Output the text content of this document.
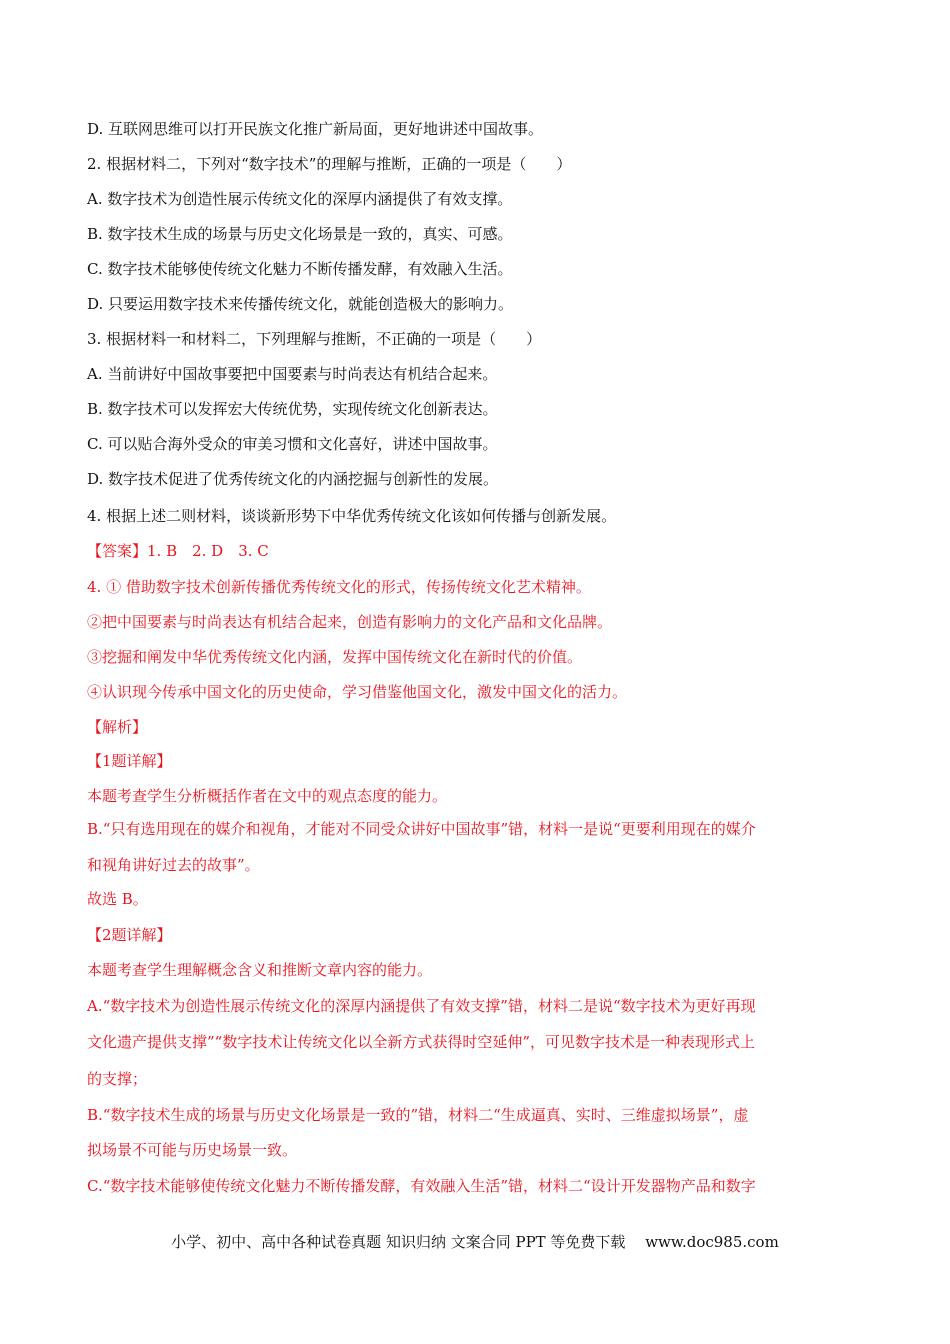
D. 互联网思维可以打开民族文化推广新局面，更好地讲述中国故事。
2. 根据材料二，下列对“数字技术”的理解与推断，正确的一项是（　　）
A. 数字技术为创造性展示传统文化的深厚内涵提供了有效支撑。
B. 数字技术生成的场景与历史文化场景是一致的，真实、可感。
C. 数字技术能够使传统文化魅力不断传播发酵，有效融入生活。
D. 只要运用数字技术来传播传统文化，就能创造极大的影响力。
3. 根据材料一和材料二，下列理解与推断，不正确的一项是（　　）
A. 当前讲好中国故事要把中国要素与时尚表达有机结合起来。
B. 数字技术可以发挥宏大传统优势，实现传统文化创新表达。
C. 可以贴合海外受众的审美习惯和文化喜好，讲述中国故事。
D. 数字技术促进了优秀传统文化的内涵挖掘与创新性的发展。
4. 根据上述二则材料，谈谈新形势下中华优秀传统文化该如何传播与创新发展。
【答案】1. B　2. D　3. C
4. ① 借助数字技术创新传播优秀传统文化的形式，传扬传统文化艺术精神。
②把中国要素与时尚表达有机结合起来，创造有影响力的文化产品和文化品牌。
③挖掘和阐发中华优秀传统文化内涵，发挥中国传统文化在新时代的价值。
④认识现今传承中国文化的历史使命，学习借鉴他国文化，激发中国文化的活力。
【解析】
【1题详解】
本题考查学生分析概括作者在文中的观点态度的能力。
B.“只有选用现在的媒介和视角，才能对不同受众讲好中国故事”错，材料一是说“更要利用现在的媒介
和视角讲好过去的故事”。
故选 B。
【2题详解】
本题考查学生理解概念含义和推断文章内容的能力。
A.“数字技术为创造性展示传统文化的深厚内涵提供了有效支撑”错，材料二是说“数字技术为更好再现
文化遗产提供支撑”“数字技术让传统文化以全新方式获得时空延伸”，可见数字技术是一种表现形式上
的支撑；
B.“数字技术生成的场景与历史文化场景是一致的”错，材料二“生成逼真、实时、三维虚拟场景”，虚
拟场景不可能与历史场景一致。
C.“数字技术能够使传统文化魅力不断传播发酵，有效融入生活”错，材料二“设计开发器物产品和数字
小学、初中、高中各种试卷真题 知识归纳 文案合同 PPT 等免费下载　 www.doc985.com
